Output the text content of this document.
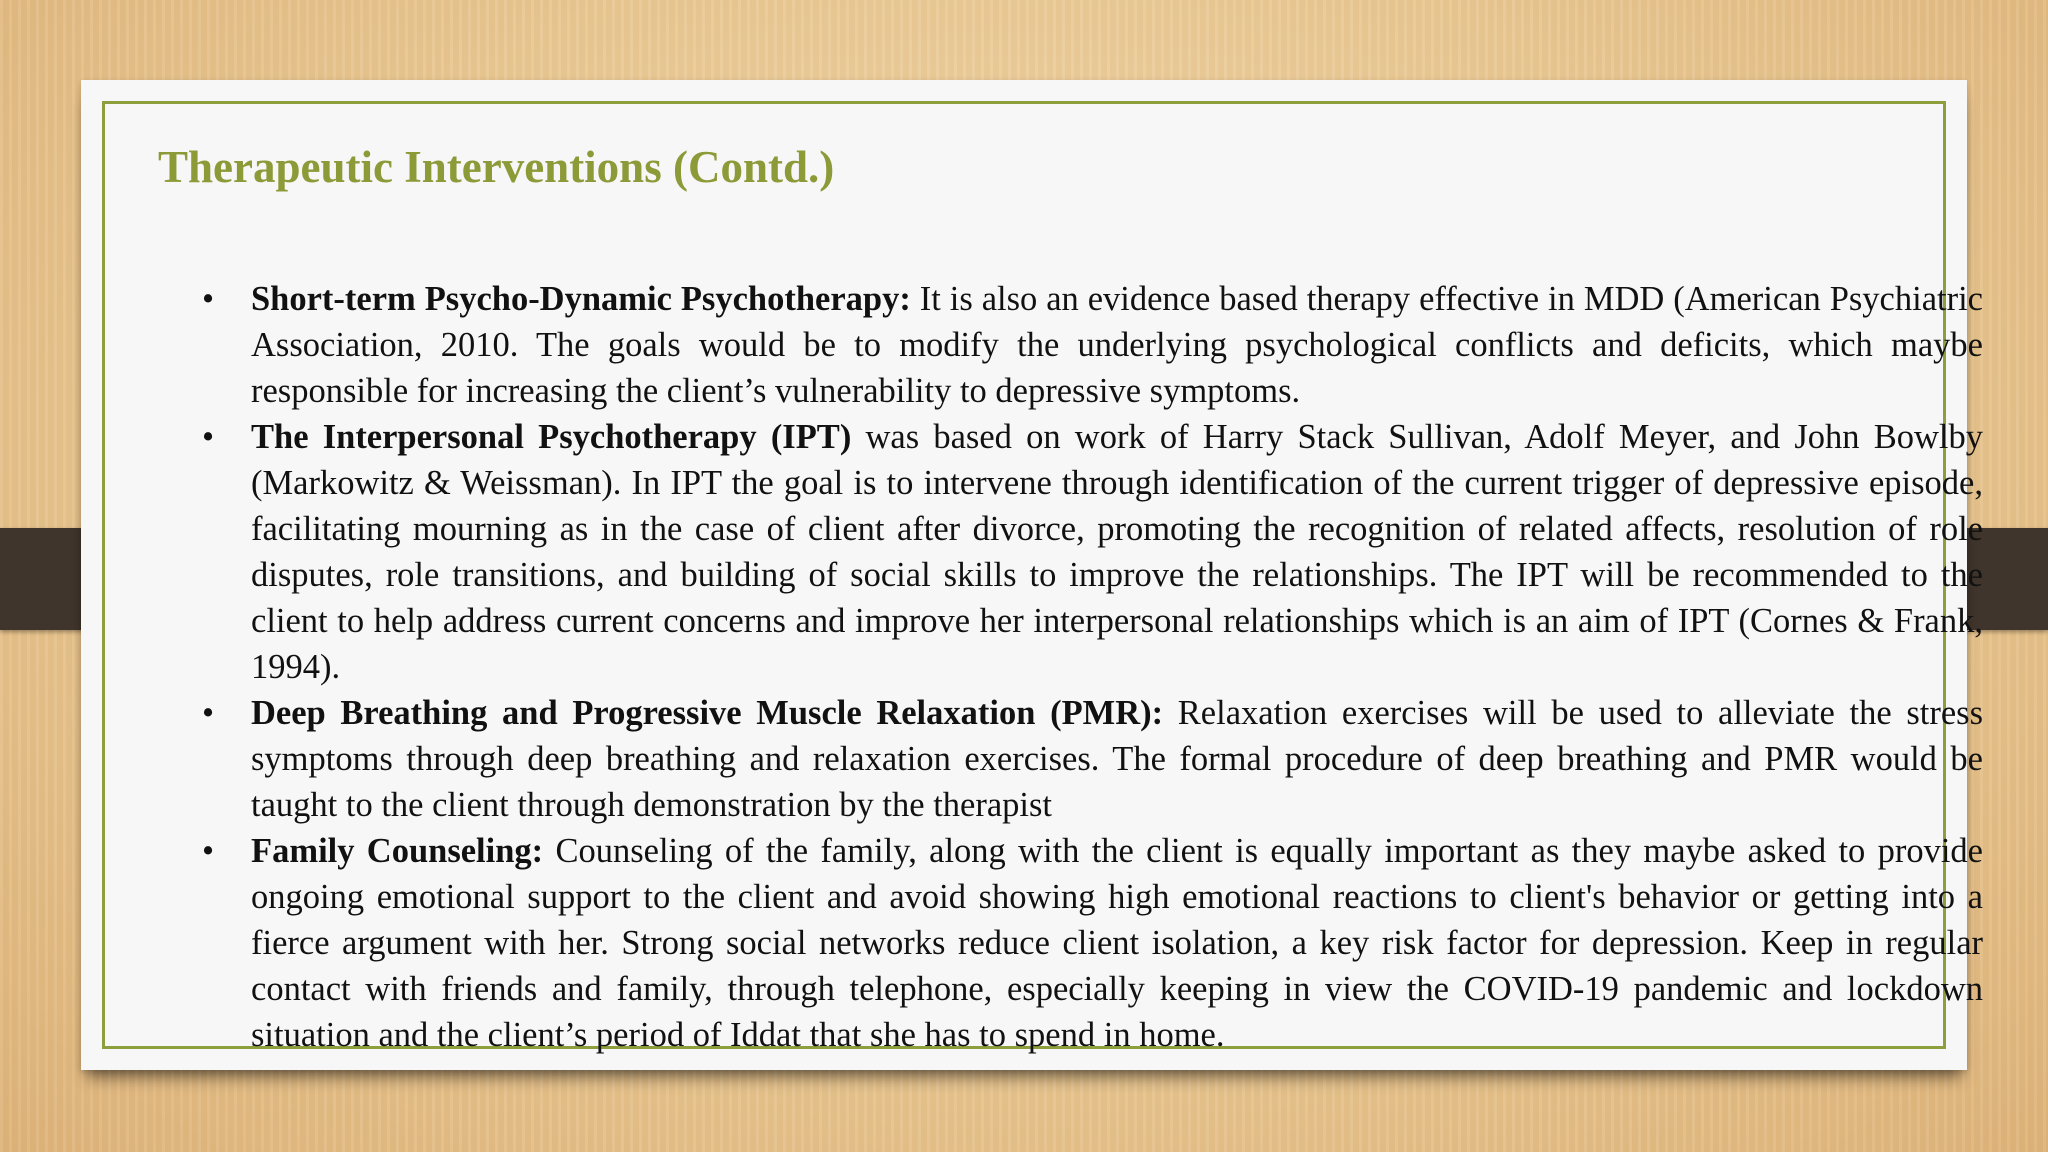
Therapeutic Interventions (Contd.)
• Short-term Psycho-Dynamic Psychotherapy: It is also an evidence based therapy effective in MDD (American Psychiatric Association, 2010. The goals would be to modify the underlying psychological conflicts and deficits, which maybe responsible for increasing the client’s vulnerability to depressive symptoms.
• The Interpersonal Psychotherapy (IPT) was based on work of Harry Stack Sullivan, Adolf Meyer, and John Bowlby (Markowitz & Weissman). In IPT the goal is to intervene through identification of the current trigger of depressive episode, facilitating mourning as in the case of client after divorce, promoting the recognition of related affects, resolution of role disputes, role transitions, and building of social skills to improve the relationships. The IPT will be recommended to the client to help address current concerns and improve her interpersonal relationships which is an aim of IPT (Cornes & Frank, 1994).
• Deep Breathing and Progressive Muscle Relaxation (PMR): Relaxation exercises will be used to alleviate the stress symptoms through deep breathing and relaxation exercises. The formal procedure of deep breathing and PMR would be taught to the client through demonstration by the therapist
• Family Counseling: Counseling of the family, along with the client is equally important as they maybe asked to provide ongoing emotional support to the client and avoid showing high emotional reactions to client's behavior or getting into a fierce argument with her. Strong social networks reduce client isolation, a key risk factor for depression. Keep in regular contact with friends and family, through telephone, especially keeping in view the COVID-19 pandemic and lockdown situation and the client’s period of Iddat that she has to spend in home.
